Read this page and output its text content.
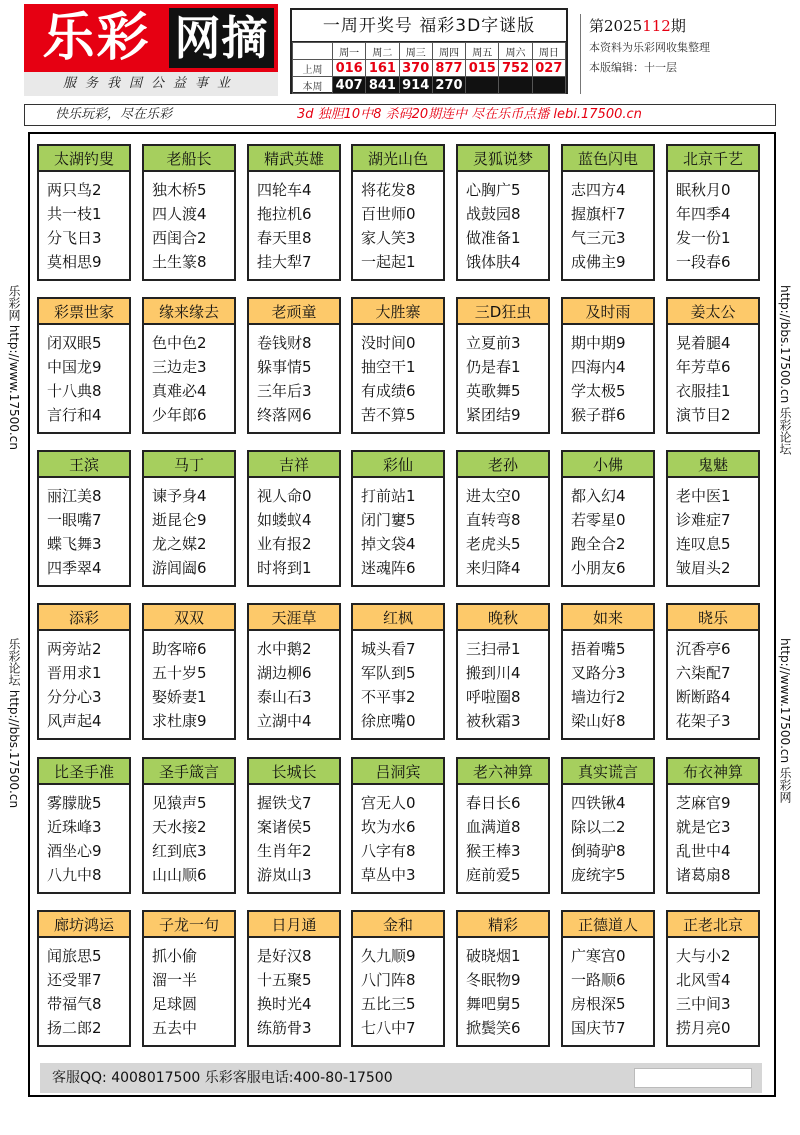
乐彩 网摘
服务我国公益事业
一周开奖号 福彩3D字谜版
	周一	周二	周三	周四	周五	周六	周日
上周	016	161	370	877	015	752	027
本周	407	841	914	270			
第2025112期
本资料为乐彩网收集整理
本版编辑：十一层
快乐玩彩，尽在乐彩	3d 独胆10中8 杀码20期连中 尽在乐币点播 lebi.17500.cn
乐彩网 http://www.17500.cn
乐彩论坛 http://bbs.17500.cn
http://bbs.17500.cn 乐彩论坛
http://www.17500.cn 乐彩网
太湖钓叟
两只鸟2
共一枝1
分飞日3
莫相思9
老船长
独木桥5
四人渡4
西闺合2
土生篆8
精武英雄
四轮车4
拖拉机6
春天里8
挂大犁7
湖光山色
将花发8
百世师0
家人笑3
一起起1
灵狐说梦
心胸广5
战鼓园8
做准备1
饿体肤4
蓝色闪电
志四方4
握旗杆7
气三元3
成佛主9
北京千艺
眠秋月0
年四季4
发一份1
一段春6
彩票世家
闭双眼5
中国龙9
十八典8
言行和4
缘来缘去
色中色2
三边走3
真难必4
少年郎6
老顽童
卷钱财8
躲事情5
三年后3
终落网6
大胜寨
没时间0
抽空干1
有成绩6
苦不算5
三D狂虫
立夏前3
仍是春1
英歌舞5
紧团结9
及时雨
期中期9
四海内4
学太极5
猴子群6
姜太公
晃着腿4
年芳草6
衣服挂1
演节目2
王滨
丽江美8
一眼嘴7
蝶飞舞3
四季翠4
马丁
谏予身4
逝昆仑9
龙之媒2
游闾阖6
吉祥
视人命0
如蝼蚁4
业有报2
时将到1
彩仙
打前站1
闭门窶5
掉文袋4
迷魂阵6
老孙
进太空0
直转弯8
老虎头5
来归降4
小佛
都入幻4
若零星0
跑全合2
小朋友6
鬼魅
老中医1
诊难症7
连叹息5
皱眉头2
添彩
两旁站2
晋用求1
分分心3
风声起4
双双
助客啼6
五十岁5
娶娇妻1
求杜康9
天涯草
水中鹅2
湖边柳6
泰山石3
立湖中4
红枫
城头看7
军队到5
不平事2
徐庶嘴0
晚秋
三扫帚1
搬到川4
呼啦圈8
被秋霜3
如来
捂着嘴5
叉路分3
墙边行2
梁山好8
晓乐
沉香亭6
六柒配7
断断路4
花架子3
比圣手准
雾朦胧5
近珠峰3
酒坐心9
八九中8
圣手箴言
见猿声5
天水接2
红到底3
山山顺6
长城长
握铁戈7
案诸侯5
生肖年2
游岚山3
吕洞宾
宫无人0
坎为水6
八字有8
草丛中3
老六神算
春日长6
血满道8
猴王棒3
庭前爱5
真实谎言
四铁锹4
除以二2
倒骑驴8
庞统字5
布衣神算
芝麻官9
就是它3
乱世中4
诸葛扇8
廊坊鸿运
闻旅思5
还受罪7
带福气8
扬二郎2
子龙一句
抓小偷
溜一半
足球圆
五去中
日月通
是好汉8
十五聚5
换时光4
练筋骨3
金和
久九顺9
八门阵8
五比三5
七八中7
精彩
破晓烟1
冬眠物9
舞吧舅5
掀鬓笑6
正德道人
广寒宫0
一路顺6
房根深5
国庆节7
正老北京
大与小2
北风雪4
三中间3
捞月亮0
客服QQ: 4008017500 乐彩客服电话:400-80-17500
